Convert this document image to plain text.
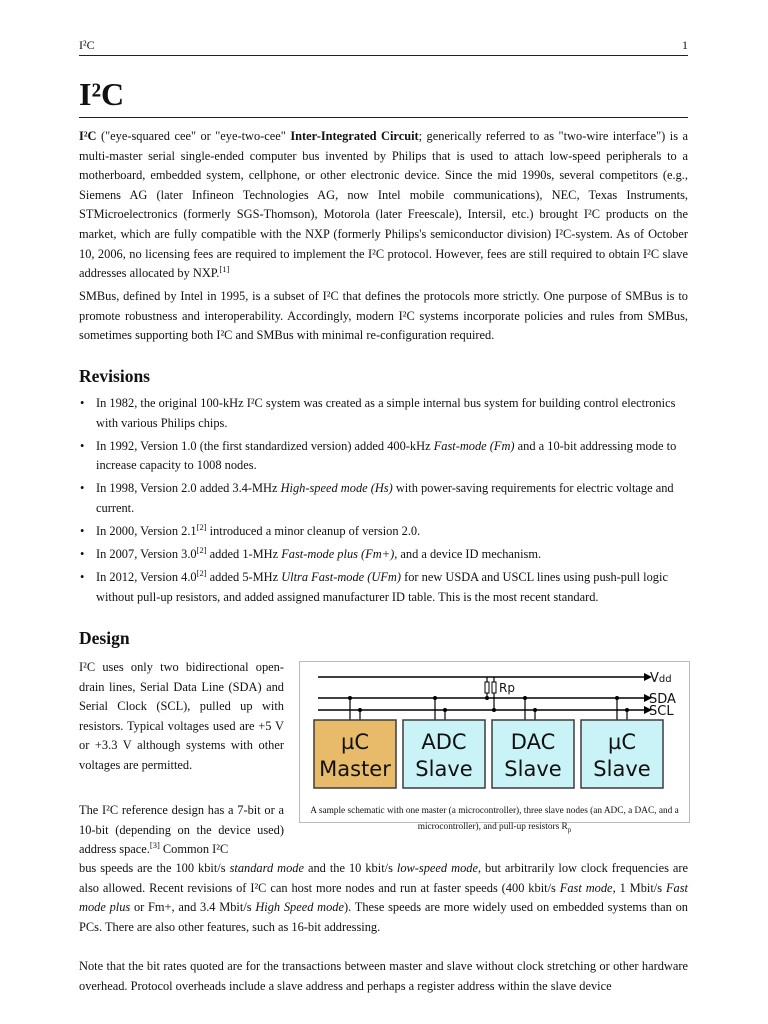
I²C	1
I²C

I²C ("eye-squared cee" or "eye-two-cee" Inter-Integrated Circuit; generically referred to as "two-wire interface") is a multi-master serial single-ended computer bus invented by Philips that is used to attach low-speed peripherals to a motherboard, embedded system, cellphone, or other electronic device. Since the mid 1990s, several competitors (e.g., Siemens AG (later Infineon Technologies AG, now Intel mobile communications), NEC, Texas Instruments, STMicroelectronics (formerly SGS-Thomson), Motorola (later Freescale), Intersil, etc.) brought I²C products on the market, which are fully compatible with the NXP (formerly Philips's semiconductor division) I²C-system. As of October 10, 2006, no licensing fees are required to implement the I²C protocol. However, fees are still required to obtain I²C slave addresses allocated by NXP.[1]

SMBus, defined by Intel in 1995, is a subset of I²C that defines the protocols more strictly. One purpose of SMBus is to promote robustness and interoperability. Accordingly, modern I²C systems incorporate policies and rules from SMBus, sometimes supporting both I²C and SMBus with minimal re-configuration required.

Revisions
• In 1982, the original 100-kHz I²C system was created as a simple internal bus system for building control electronics with various Philips chips.
• In 1992, Version 1.0 (the first standardized version) added 400-kHz Fast-mode (Fm) and a 10-bit addressing mode to increase capacity to 1008 nodes.
• In 1998, Version 2.0 added 3.4-MHz High-speed mode (Hs) with power-saving requirements for electric voltage and current.
• In 2000, Version 2.1[2] introduced a minor cleanup of version 2.0.
• In 2007, Version 3.0[2] added 1-MHz Fast-mode plus (Fm+), and a device ID mechanism.
• In 2012, Version 4.0[2] added 5-MHz Ultra Fast-mode (UFm) for new USDA and USCL lines using push-pull logic without pull-up resistors, and added assigned manufacturer ID table. This is the most recent standard.
Design

I²C uses only two bidirectional open-drain lines, Serial Data Line (SDA) and Serial Clock (SCL), pulled up with resistors. Typical voltages used are +5 V or +3.3 V although systems with other voltages are permitted.

The I²C reference design has a 7-bit or a 10-bit (depending on the device used) address space.[3] Common I²C

bus speeds are the 100 kbit/s standard mode and the 10 kbit/s low-speed mode, but arbitrarily low clock frequencies are also allowed. Recent revisions of I²C can host more nodes and run at faster speeds (400 kbit/s Fast mode, 1 Mbit/s Fast mode plus or Fm+, and 3.4 Mbit/s High Speed mode). These speeds are more widely used on embedded systems than on PCs. There are also other features, such as 16-bit addressing.

Note that the bit rates quoted are for the transactions between master and slave without clock stretching or other hardware overhead. Protocol overheads include a slave address and perhaps a register address within the slave device

µC
Master
ADC
Slave
DAC
Slave
µC
Slave
Vdd
SDA
SCL
Rp
A sample schematic with one master (a microcontroller), three slave nodes (an ADC, a DAC, and a microcontroller), and pull-up resistors $R_p$
